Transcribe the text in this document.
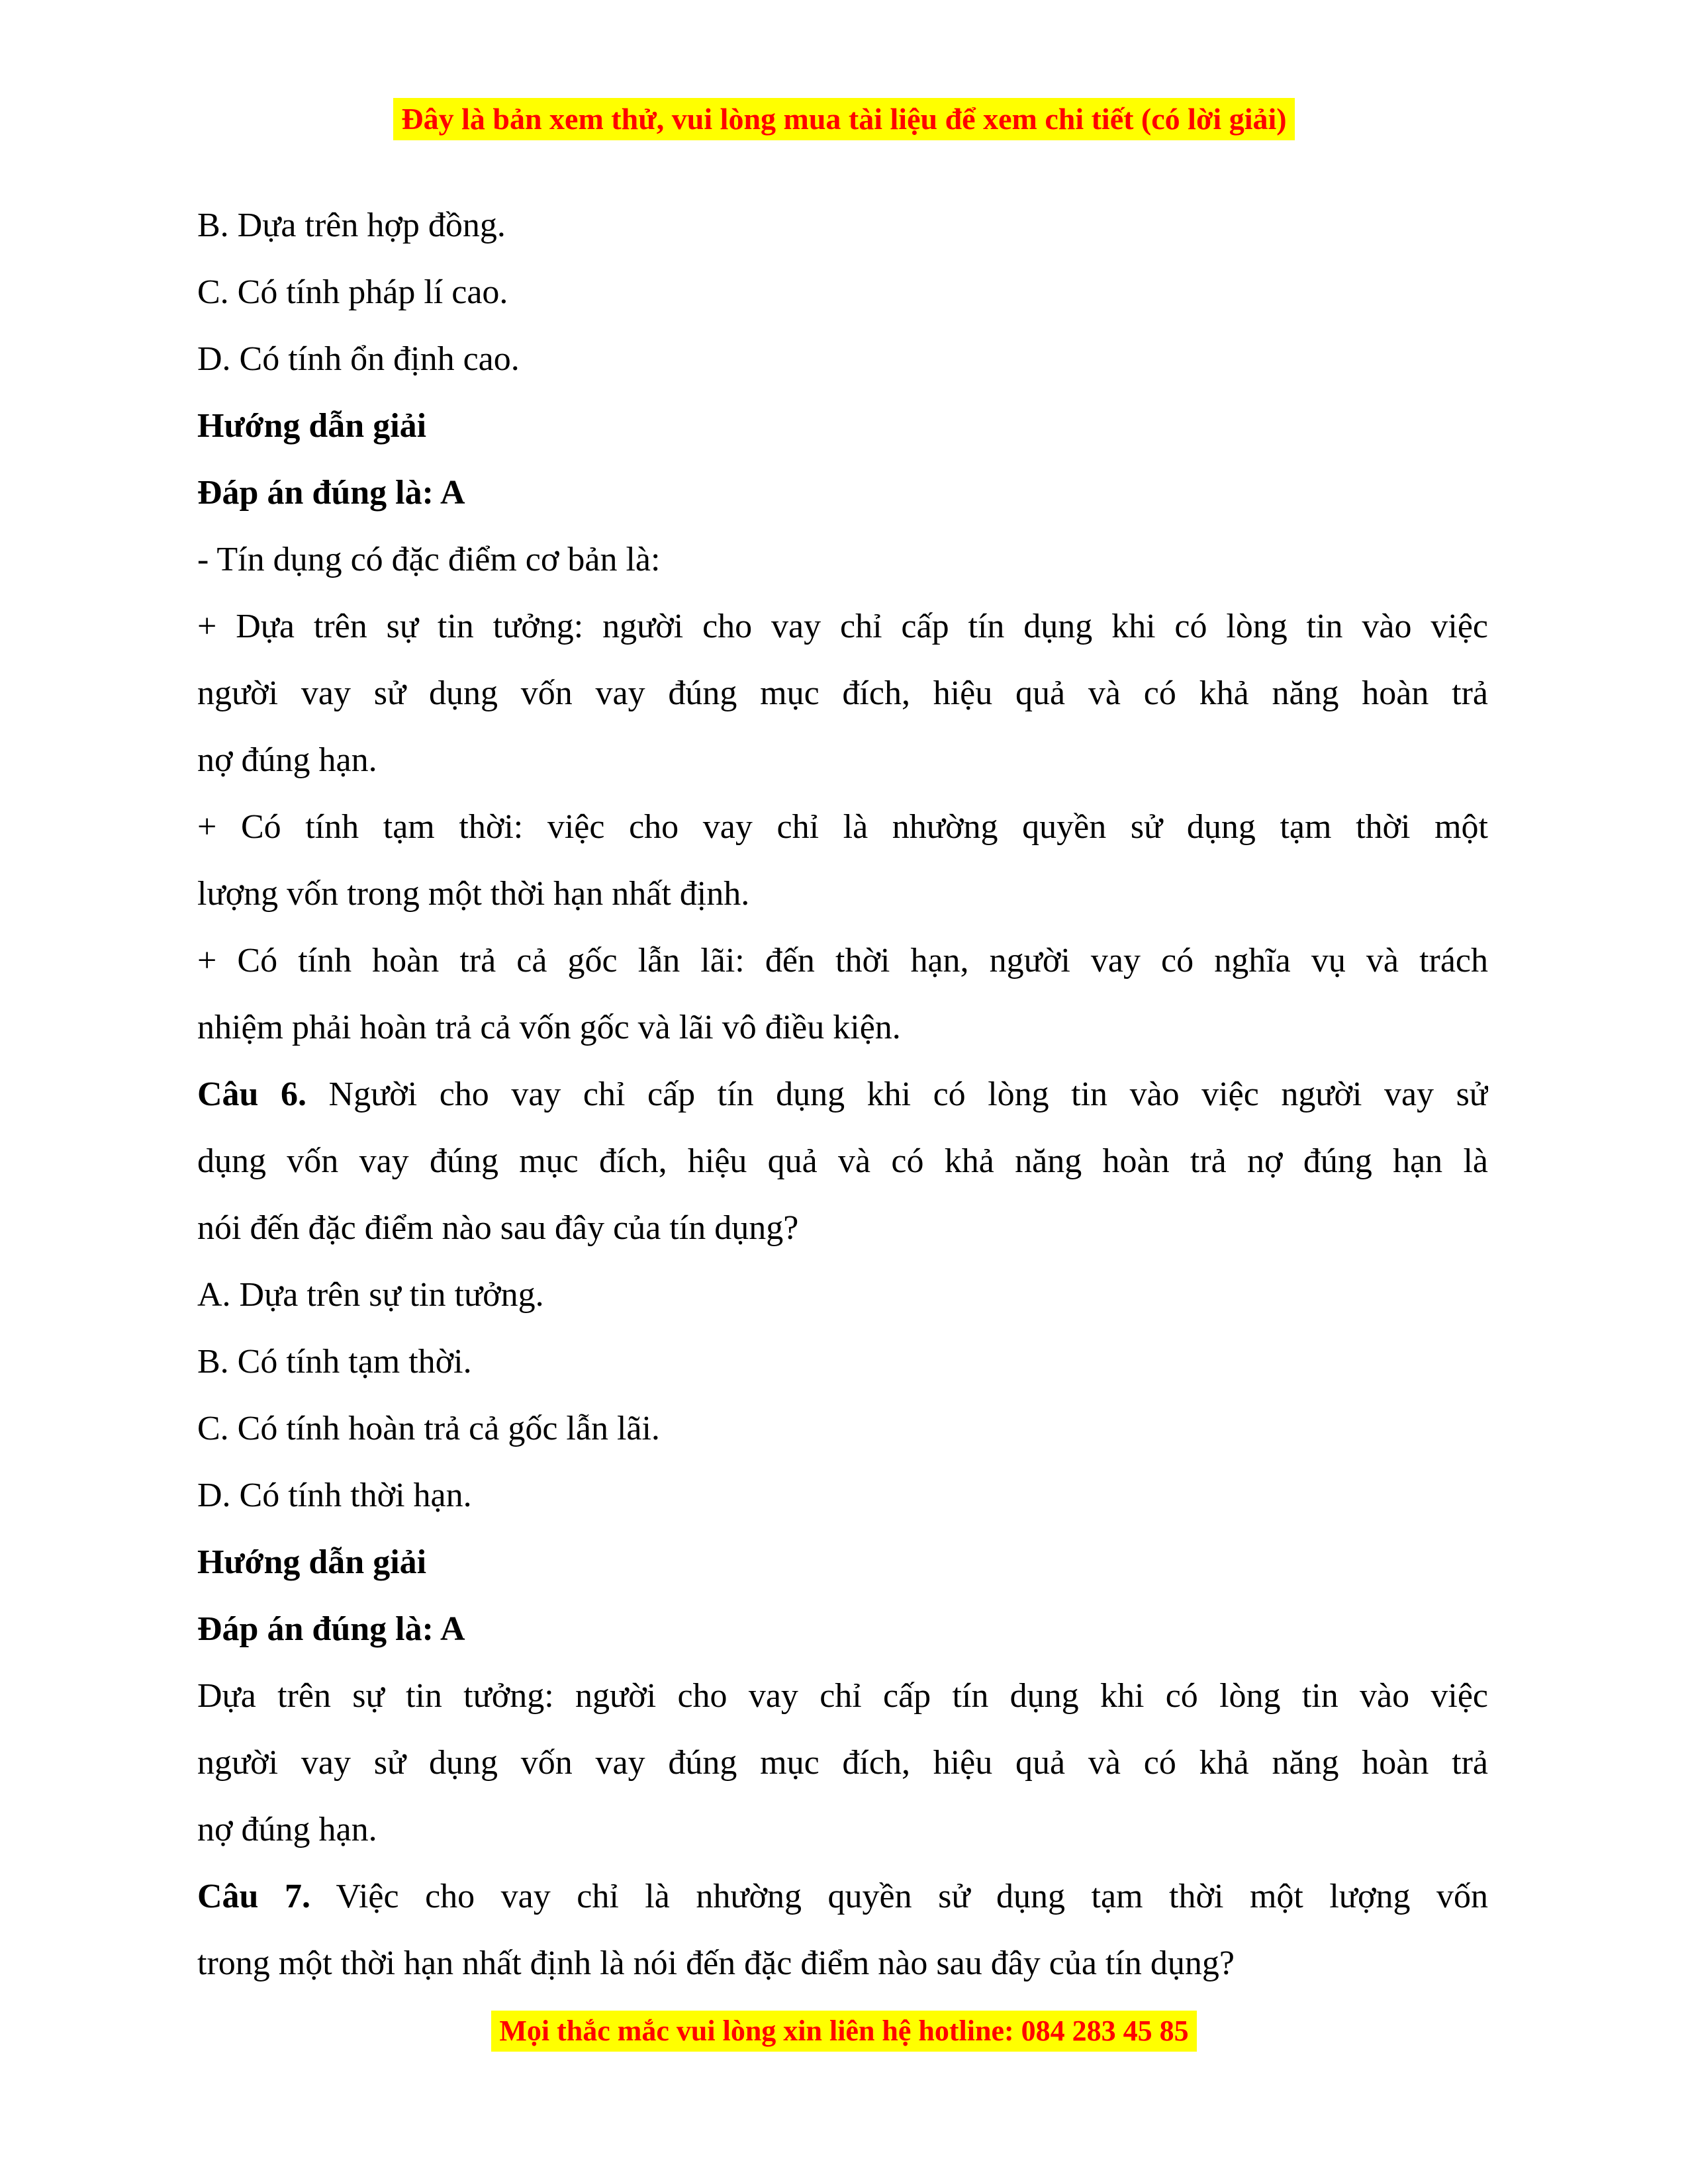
Đây là bản xem thử, vui lòng mua tài liệu để xem chi tiết (có lời giải)

B. Dựa trên hợp đồng.

C. Có tính pháp lí cao.

D. Có tính ổn định cao.

Hướng dẫn giải

Đáp án đúng là: A

- Tín dụng có đặc điểm cơ bản là:

+ Dựa trên sự tin tưởng: người cho vay chỉ cấp tín dụng khi có lòng tin vào việc

người vay sử dụng vốn vay đúng mục đích, hiệu quả và có khả năng hoàn trả

nợ đúng hạn.

+ Có tính tạm thời: việc cho vay chỉ là nhường quyền sử dụng tạm thời một

lượng vốn trong một thời hạn nhất định.

+ Có tính hoàn trả cả gốc lẫn lãi: đến thời hạn, người vay có nghĩa vụ và trách

nhiệm phải hoàn trả cả vốn gốc và lãi vô điều kiện.

Câu 6. Người cho vay chỉ cấp tín dụng khi có lòng tin vào việc người vay sử

dụng vốn vay đúng mục đích, hiệu quả và có khả năng hoàn trả nợ đúng hạn là

nói đến đặc điểm nào sau đây của tín dụng?

A. Dựa trên sự tin tưởng.

B. Có tính tạm thời.

C. Có tính hoàn trả cả gốc lẫn lãi.

D. Có tính thời hạn.

Hướng dẫn giải

Đáp án đúng là: A

Dựa trên sự tin tưởng: người cho vay chỉ cấp tín dụng khi có lòng tin vào việc

người vay sử dụng vốn vay đúng mục đích, hiệu quả và có khả năng hoàn trả

nợ đúng hạn.

Câu 7. Việc cho vay chỉ là nhường quyền sử dụng tạm thời một lượng vốn

trong một thời hạn nhất định là nói đến đặc điểm nào sau đây của tín dụng?

Mọi thắc mắc vui lòng xin liên hệ hotline: 084 283 45 85
